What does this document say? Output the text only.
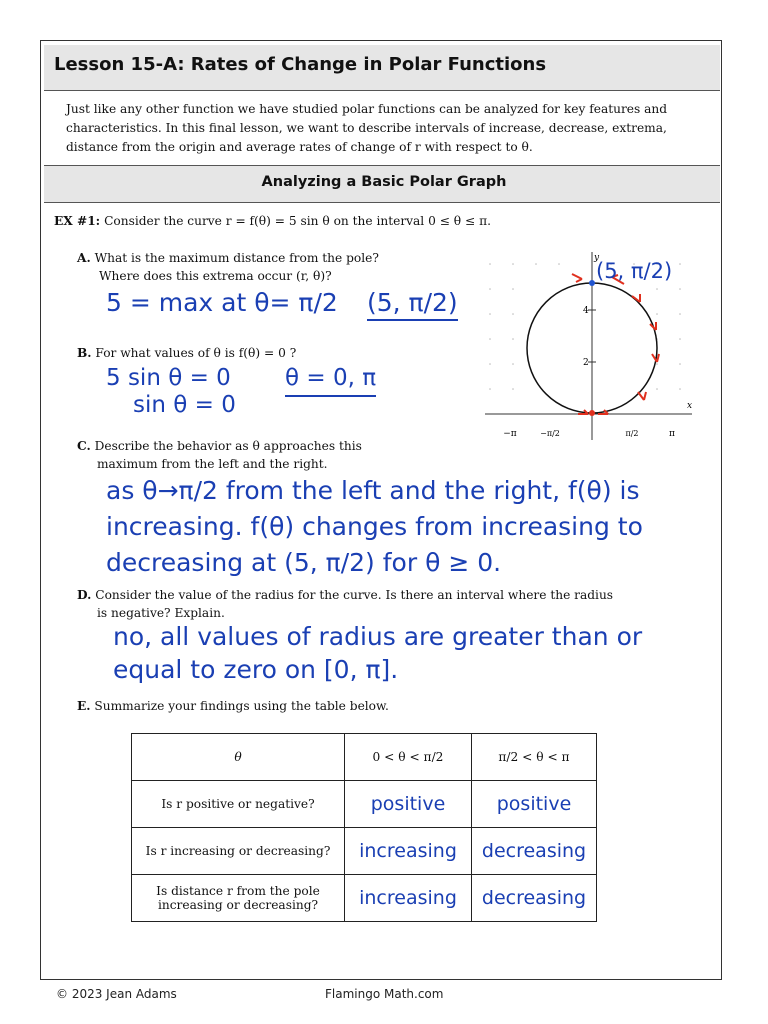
Lesson 15-A: Rates of Change in Polar Functions
Just like any other function we have studied polar functions can be analyzed for key features and characteristics. In this final lesson, we want to describe intervals of increase, decrease, extrema, distance from the origin and average rates of change of r with respect to θ.
Analyzing a Basic Polar Graph
EX #1: Consider the curve r = f(θ) = 5 sin θ on the interval 0 ≤ θ ≤ π.
A. What is the maximum distance from the pole?
Where does this extrema occur (r, θ)?
5 = max at θ= π/2 (5, π/2)
B. For what values of θ is f(θ) = 0 ?
5 sin θ = 0
sin θ = 0
θ = 0, π
4
2
x
y
−π	−π/2	π/2	π
(5, π/2)
C. Describe the behavior as θ approaches this
maximum from the left and the right.
as θ→π/2 from the left and the right, f(θ) is
increasing. f(θ) changes from increasing to
decreasing at (5, π/2) for θ ≥ 0.
D. Consider the value of the radius for the curve. Is there an interval where the radius
is negative? Explain.
no, all values of radius are greater than or
equal to zero on [0, π].
E. Summarize your findings using the table below.
θ	0 < θ < π/2	π/2 < θ < π
Is r positive or negative?	positive	positive
Is r increasing or decreasing?	increasing	decreasing
Is distance r from the pole increasing or decreasing?	increasing	decreasing
© 2023 Jean Adams	Flamingo Math.com
